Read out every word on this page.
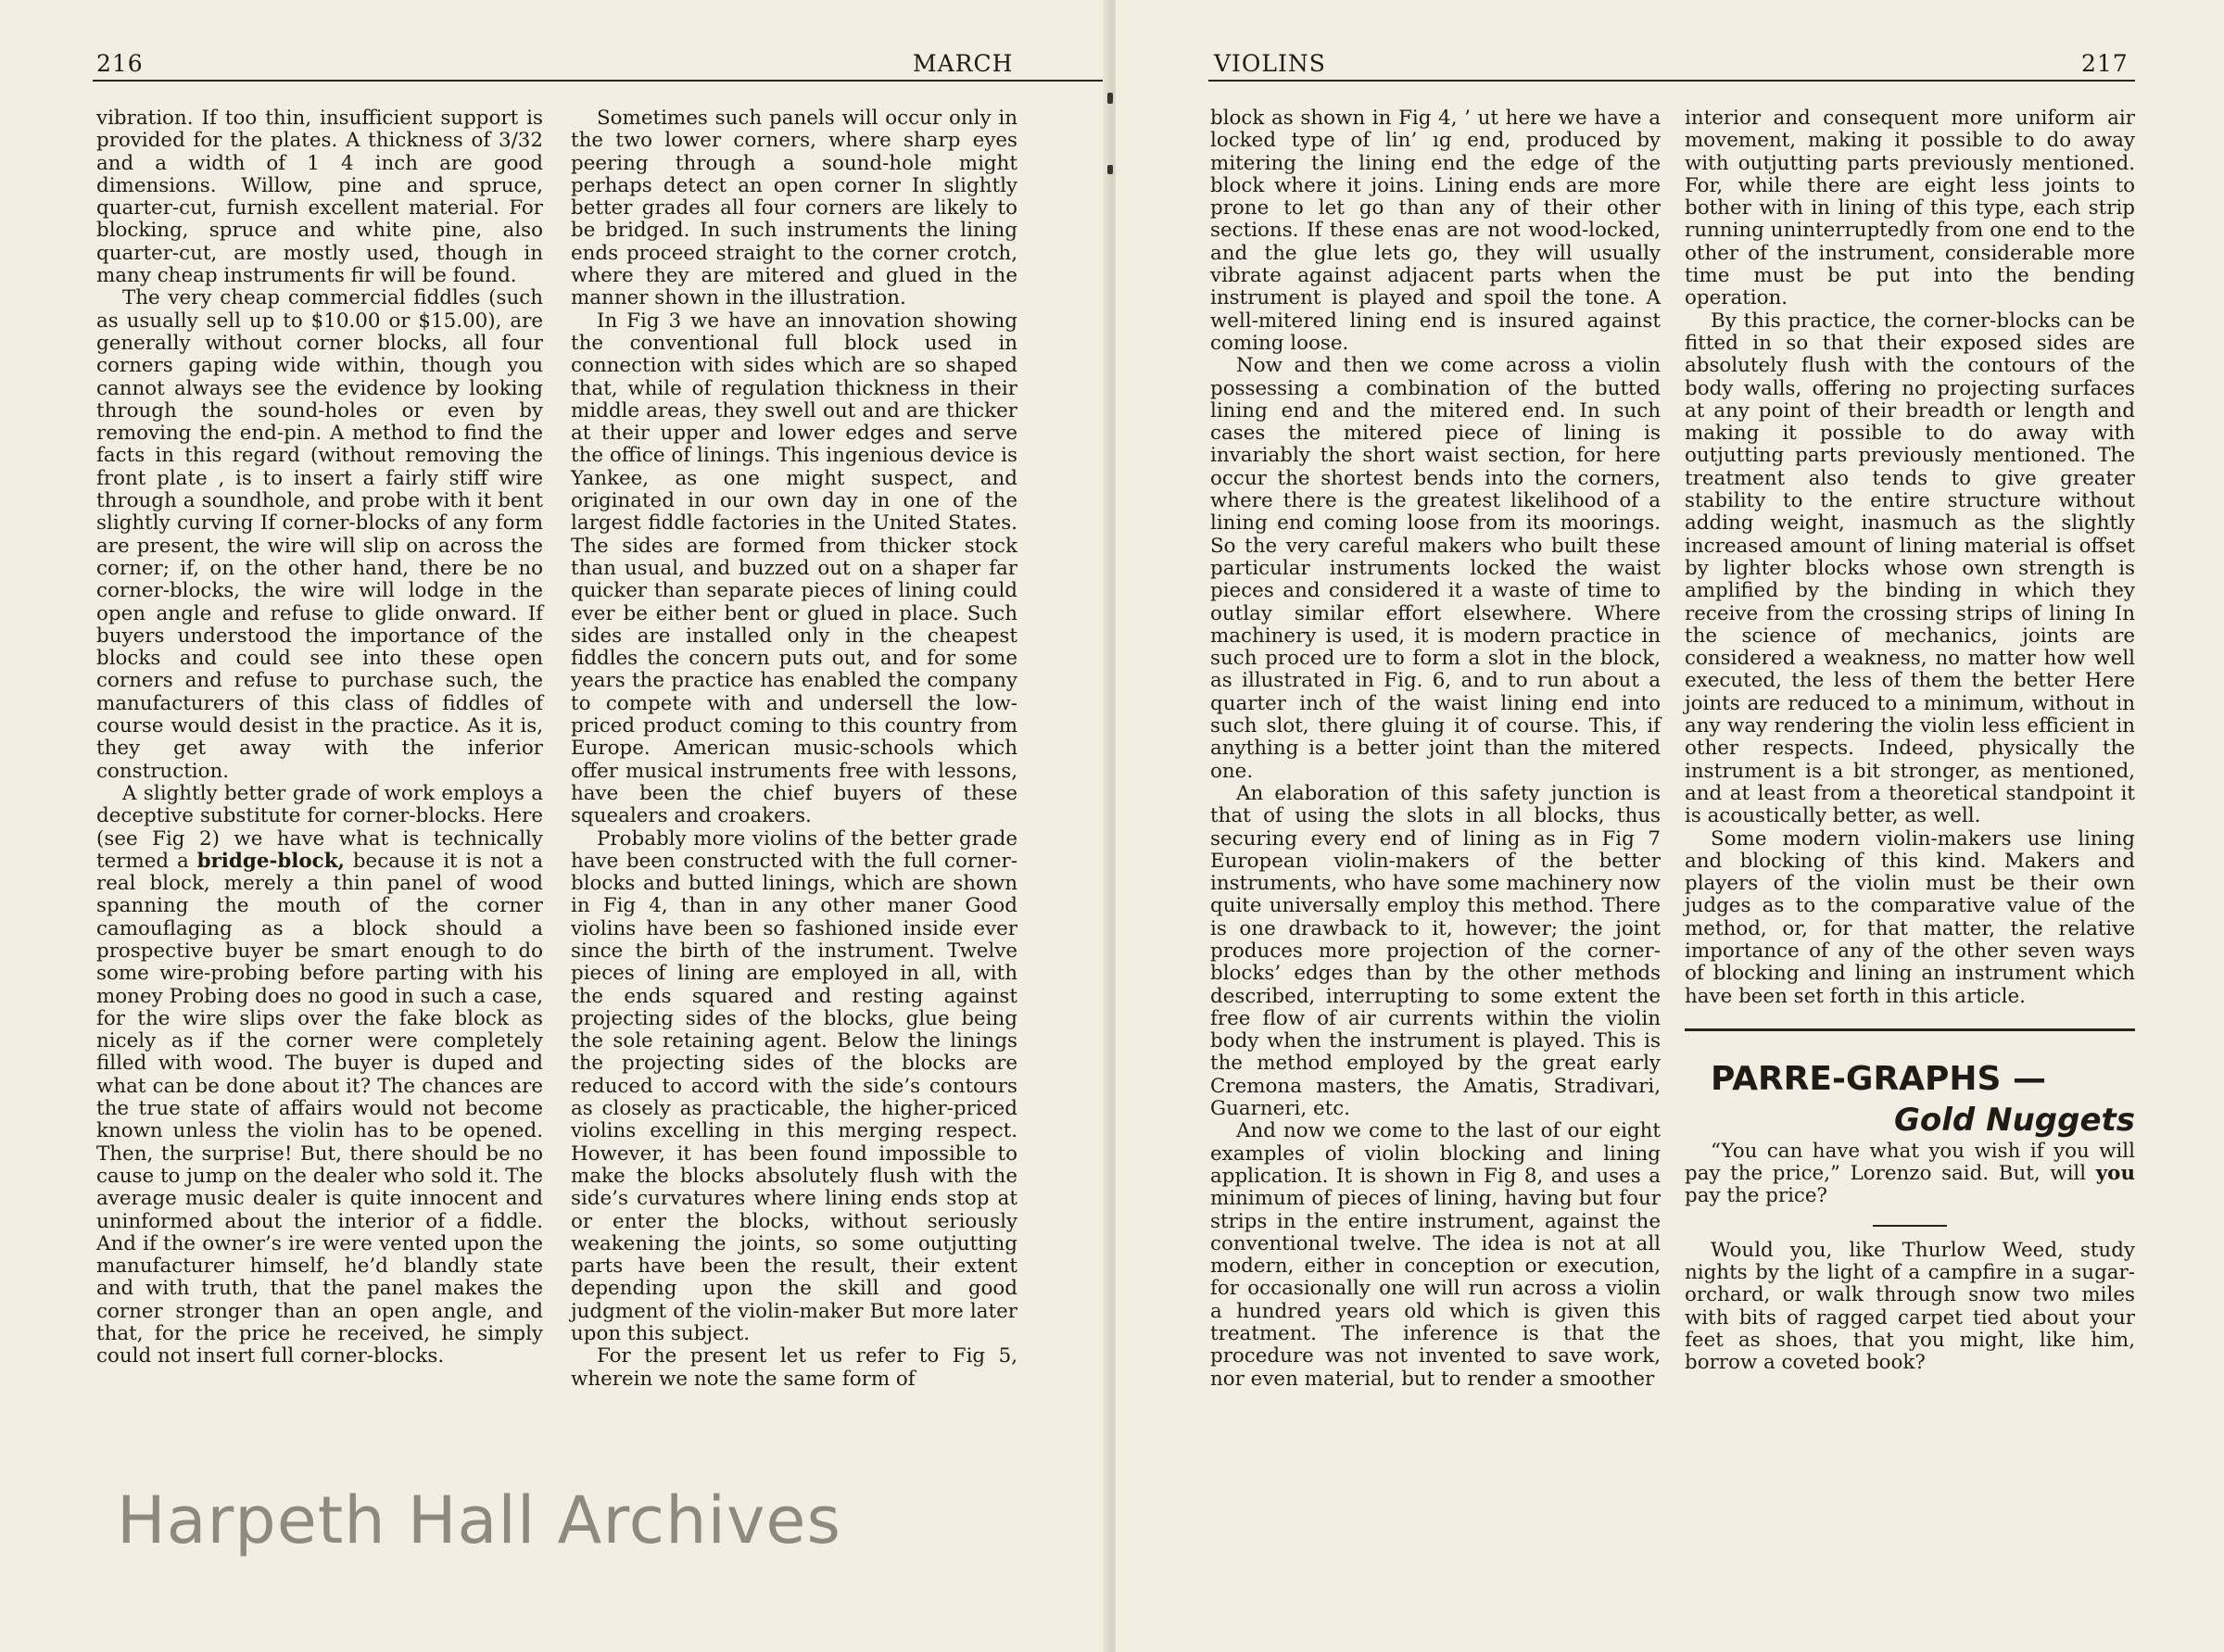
216	MARCH

vibration. If too thin, insufficient support is provided for the plates. A thickness of 3/32 and a width of 1 4 inch are good dimensions. Willow, pine and spruce, quarter-cut, furnish excellent material. For blocking, spruce and white pine, also quarter-cut, are mostly used, though in many cheap instruments fir will be found.

The very cheap commercial fiddles (such as usually sell up to $10.00 or $15.00), are generally without corner blocks, all four corners gaping wide within, though you cannot always see the evidence by looking through the sound-holes or even by removing the end-pin. A method to find the facts in this regard (without removing the front plate , is to insert a fairly stiff wire through a soundhole, and probe with it bent slightly curving If corner-blocks of any form are present, the wire will slip on across the corner; if, on the other hand, there be no corner-blocks, the wire will lodge in the open angle and refuse to glide onward. If buyers understood the importance of the blocks and could see into these open corners and refuse to purchase such, the manufacturers of this class of fiddles of course would desist in the practice. As it is, they get away with the inferior construction.

A slightly better grade of work employs a deceptive substitute for corner-blocks. Here (see Fig 2) we have what is technically termed a bridge-block, because it is not a real block, merely a thin panel of wood spanning the mouth of the corner camouflaging as a block should a prospective buyer be smart enough to do some wire-probing before parting with his money Probing does no good in such a case, for the wire slips over the fake block as nicely as if the corner were completely filled with wood. The buyer is duped and what can be done about it? The chances are the true state of affairs would not become known unless the violin has to be opened. Then, the surprise! But, there should be no cause to jump on the dealer who sold it. The average music dealer is quite innocent and uninformed about the interior of a fiddle. And if the owner’s ire were vented upon the manufacturer himself, he’d blandly state and with truth, that the panel makes the corner stronger than an open angle, and that, for the price he received, he simply could not insert full corner-blocks.

Sometimes such panels will occur only in the two lower corners, where sharp eyes peering through a sound-hole might perhaps detect an open corner In slightly better grades all four corners are likely to be bridged. In such instruments the lining ends proceed straight to the corner crotch, where they are mitered and glued in the manner shown in the illustration.

In Fig 3 we have an innovation showing the conventional full block used in connection with sides which are so shaped that, while of regulation thickness in their middle areas, they swell out and are thicker at their upper and lower edges and serve the office of linings. This ingenious device is Yankee, as one might suspect, and originated in our own day in one of the largest fiddle factories in the United States. The sides are formed from thicker stock than usual, and buzzed out on a shaper far quicker than separate pieces of lining could ever be either bent or glued in place. Such sides are installed only in the cheapest fiddles the concern puts out, and for some years the practice has enabled the company to compete with and undersell the low-priced product coming to this country from Europe. American music-schools which offer musical instruments free with lessons, have been the chief buyers of these squealers and croakers.

Probably more violins of the better grade have been constructed with the full corner-blocks and butted linings, which are shown in Fig 4, than in any other maner Good violins have been so fashioned inside ever since the birth of the instrument. Twelve pieces of lining are employed in all, with the ends squared and resting against projecting sides of the blocks, glue being the sole retaining agent. Below the linings the projecting sides of the blocks are reduced to accord with the side’s contours as closely as practicable, the higher-priced violins excelling in this merging respect. However, it has been found impossible to make the blocks absolutely flush with the side’s curvatures where lining ends stop at or enter the blocks, without seriously weakening the joints, so some outjutting parts have been the result, their extent depending upon the skill and good judgment of the violin-maker But more later upon this subject.

For the present let us refer to Fig 5, wherein we note the same form of

Harpeth Hall Archives
VIOLINS	217

block as shown in Fig 4, ’ ut here we have a locked type of lin’ ıg end, produced by mitering the lining end the edge of the block where it joins. Lining ends are more prone to let go than any of their other sections. If these enas are not wood-locked, and the glue lets go, they will usually vibrate against adjacent parts when the instrument is played and spoil the tone. A well-mitered lining end is insured against coming loose.

Now and then we come across a violin possessing a combination of the butted lining end and the mitered end. In such cases the mitered piece of lining is invariably the short waist section, for here occur the shortest bends into the corners, where there is the greatest likelihood of a lining end coming loose from its moorings. So the very careful makers who built these particular instruments locked the waist pieces and considered it a waste of time to outlay similar effort elsewhere. Where machinery is used, it is modern practice in such proced ure to form a slot in the block, as illustrated in Fig. 6, and to run about a quarter inch of the waist lining end into such slot, there gluing it of course. This, if anything is a better joint than the mitered one.

An elaboration of this safety junction is that of using the slots in all blocks, thus securing every end of lining as in Fig 7 European violin-makers of the better instruments, who have some machinery now quite universally employ this method. There is one drawback to it, however; the joint produces more projection of the corner-blocks’ edges than by the other methods described, interrupting to some extent the free flow of air currents within the violin body when the instrument is played. This is the method employed by the great early Cremona masters, the Amatis, Stradivari, Guarneri, etc.

And now we come to the last of our eight examples of violin blocking and lining application. It is shown in Fig 8, and uses a minimum of pieces of lining, having but four strips in the entire instrument, against the conventional twelve. The idea is not at all modern, either in conception or execution, for occasionally one will run across a violin a hundred years old which is given this treatment. The inference is that the procedure was not invented to save work, nor even material, but to render a smoother

interior and consequent more uniform air movement, making it possible to do away with outjutting parts previously mentioned. For, while there are eight less joints to bother with in lining of this type, each strip running uninterruptedly from one end to the other of the instrument, considerable more time must be put into the bending operation.

By this practice, the corner-blocks can be fitted in so that their exposed sides are absolutely flush with the contours of the body walls, offering no projecting surfaces at any point of their breadth or length and making it possible to do away with outjutting parts previously mentioned. The treatment also tends to give greater stability to the entire structure without adding weight, inasmuch as the slightly increased amount of lining material is offset by lighter blocks whose own strength is amplified by the binding in which they receive from the crossing strips of lining In the science of mechanics, joints are considered a weakness, no matter how well executed, the less of them the better Here joints are reduced to a minimum, without in any way rendering the violin less efficient in other respects. Indeed, physically the instrument is a bit stronger, as mentioned, and at least from a theoretical standpoint it is acoustically better, as well.

Some modern violin-makers use lining and blocking of this kind. Makers and players of the violin must be their own judges as to the comparative value of the method, or, for that matter, the relative importance of any of the other seven ways of blocking and lining an instrument which have been set forth in this article.

PARRE-GRAPHS —

Gold Nuggets

“You can have what you wish if you will pay the price,” Lorenzo said. But, will you pay the price?

Would you, like Thurlow Weed, study nights by the light of a campfire in a sugar-orchard, or walk through snow two miles with bits of ragged carpet tied about your feet as shoes, that you might, like him, borrow a coveted book?
